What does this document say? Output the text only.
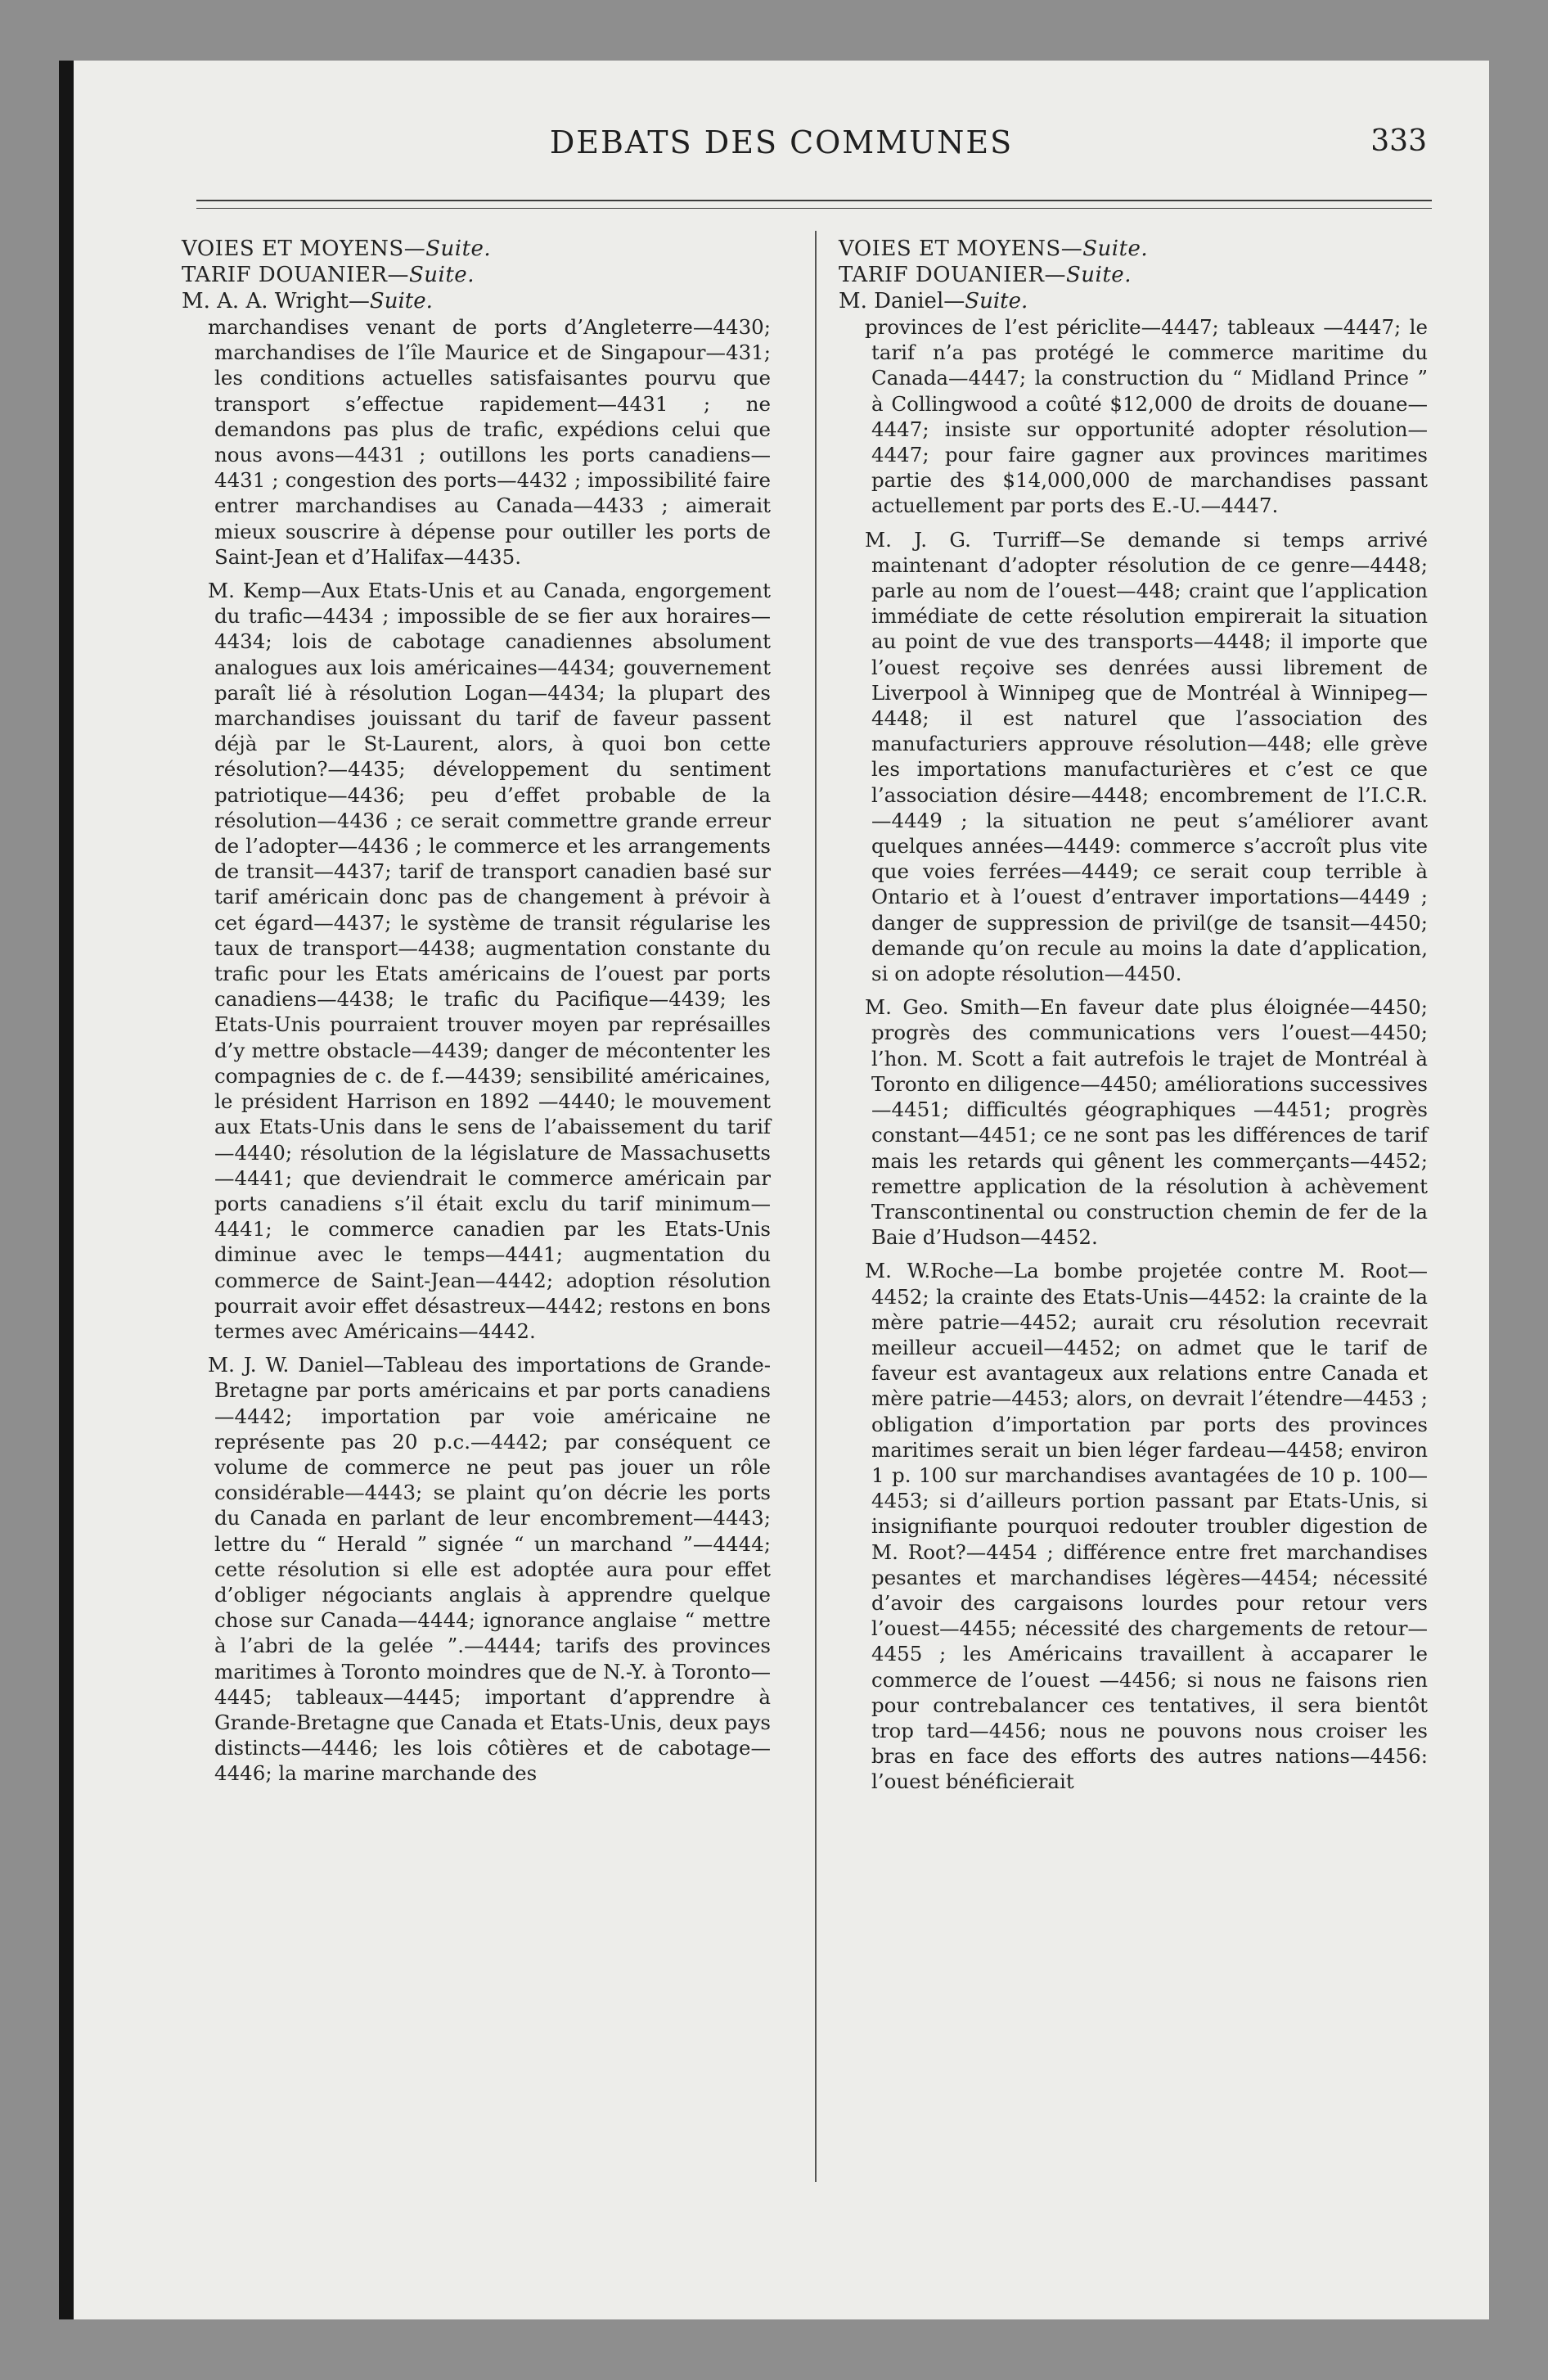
DEBATS DES COMMUNES	333

VOIES ET MOYENS—Suite.

TARIF DOUANIER—Suite.

M. A. A. Wright—Suite.

marchandises venant de ports d’Angleterre—4430; marchandises de l’île Maurice et de Singapour—431; les conditions actuelles satisfaisantes pourvu que transport s’effectue rapidement—4431 ; ne demandons pas plus de trafic, expédions celui que nous avons—4431 ; outillons les ports canadiens—4431 ; congestion des ports—4432 ; impossibilité faire entrer marchandises au Canada—4433 ; aimerait mieux souscrire à dépense pour outiller les ports de Saint-Jean et d’Halifax—4435.

M. Kemp—Aux Etats-Unis et au Canada, engorgement du trafic—4434 ; impossible de se fier aux horaires—4434; lois de cabotage canadiennes absolument analogues aux lois américaines—4434; gouvernement paraît lié à résolution Logan—4434; la plupart des marchandises jouissant du tarif de faveur passent déjà par le St-Laurent, alors, à quoi bon cette résolution?—4435; développement du sentiment patriotique—4436; peu d’effet probable de la résolution—4436 ; ce serait commettre grande erreur de l’adopter—4436 ; le commerce et les arrangements de transit—4437; tarif de transport canadien basé sur tarif américain donc pas de changement à prévoir à cet égard—4437; le système de transit régularise les taux de transport—4438; augmentation constante du trafic pour les Etats américains de l’ouest par ports canadiens—4438; le trafic du Pacifique—4439; les Etats-Unis pourraient trouver moyen par représailles d’y mettre obstacle—4439; danger de mécontenter les compagnies de c. de f.—4439; sensibilité américaines, le président Harrison en 1892 —4440; le mouvement aux Etats-Unis dans le sens de l’abaissement du tarif—4440; résolution de la législature de Massachusetts—4441; que deviendrait le commerce américain par ports canadiens s’il était exclu du tarif minimum—4441; le commerce canadien par les Etats-Unis diminue avec le temps—4441; augmentation du commerce de Saint-Jean—4442; adoption résolution pourrait avoir effet désastreux—4442; restons en bons termes avec Américains—4442.

M. J. W. Daniel—Tableau des importations de Grande-Bretagne par ports américains et par ports canadiens—4442; importation par voie américaine ne représente pas 20 p.c.—4442; par conséquent ce volume de commerce ne peut pas jouer un rôle considérable—4443; se plaint qu’on décrie les ports du Canada en parlant de leur encombrement—4443; lettre du “ Herald ” signée “ un marchand ”—4444; cette résolution si elle est adoptée aura pour effet d’obliger négociants anglais à apprendre quelque chose sur Canada—4444; ignorance anglaise “ mettre à l’abri de la gelée ”.—4444; tarifs des provinces maritimes à Toronto moindres que de N.-Y. à Toronto—4445; tableaux—4445; important d’apprendre à Grande-Bretagne que Canada et Etats-Unis, deux pays distincts—4446; les lois côtières et de cabotage—4446; la marine marchande des

VOIES ET MOYENS—Suite.

TARIF DOUANIER—Suite.

M. Daniel—Suite.

provinces de l’est périclite—4447; tableaux —4447; le tarif n’a pas protégé le commerce maritime du Canada—4447; la construction du “ Midland Prince ” à Collingwood a coûté $12,000 de droits de douane—4447; insiste sur opportunité adopter résolution—4447; pour faire gagner aux provinces maritimes partie des $14,000,000 de marchandises passant actuellement par ports des E.-U.—4447.

M. J. G. Turriff—Se demande si temps arrivé maintenant d’adopter résolution de ce genre—4448; parle au nom de l’ouest—448; craint que l’application immédiate de cette résolution empirerait la situation au point de vue des transports—4448; il importe que l’ouest reçoive ses denrées aussi librement de Liverpool à Winnipeg que de Montréal à Winnipeg—4448; il est naturel que l’association des manufacturiers approuve résolution—448; elle grève les importations manufacturières et c’est ce que l’association désire—4448; encombrement de l’I.C.R.—4449 ; la situation ne peut s’améliorer avant quelques années—4449: commerce s’accroît plus vite que voies ferrées—4449; ce serait coup terrible à Ontario et à l’ouest d’entraver importations—4449 ; danger de suppression de privil(ge de tsansit—4450; demande qu’on recule au moins la date d’application, si on adopte résolution—4450.

M. Geo. Smith—En faveur date plus éloignée—4450; progrès des communications vers l’ouest—4450; l’hon. M. Scott a fait autrefois le trajet de Montréal à Toronto en diligence—4450; améliorations successives—4451; difficultés géographiques —4451; progrès constant—4451; ce ne sont pas les différences de tarif mais les retards qui gênent les commerçants—4452; remettre application de la résolution à achèvement Transcontinental ou construction chemin de fer de la Baie d’Hudson—4452.

M. W.Roche—La bombe projetée contre M. Root—4452; la crainte des Etats-Unis—4452: la crainte de la mère patrie—4452; aurait cru résolution recevrait meilleur accueil—4452; on admet que le tarif de faveur est avantageux aux relations entre Canada et mère patrie—4453; alors, on devrait l’étendre—4453 ; obligation d’importation par ports des provinces maritimes serait un bien léger fardeau—4458; environ 1 p. 100 sur marchandises avantagées de 10 p. 100—4453; si d’ailleurs portion passant par Etats-Unis, si insignifiante pourquoi redouter troubler digestion de M. Root?—4454 ; différence entre fret marchandises pesantes et marchandises légères—4454; nécessité d’avoir des cargaisons lourdes pour retour vers l’ouest—4455; nécessité des chargements de retour—4455 ; les Américains travaillent à accaparer le commerce de l’ouest —4456; si nous ne faisons rien pour contrebalancer ces tentatives, il sera bientôt trop tard—4456; nous ne pouvons nous croiser les bras en face des efforts des autres nations—4456: l’ouest bénéficierait
